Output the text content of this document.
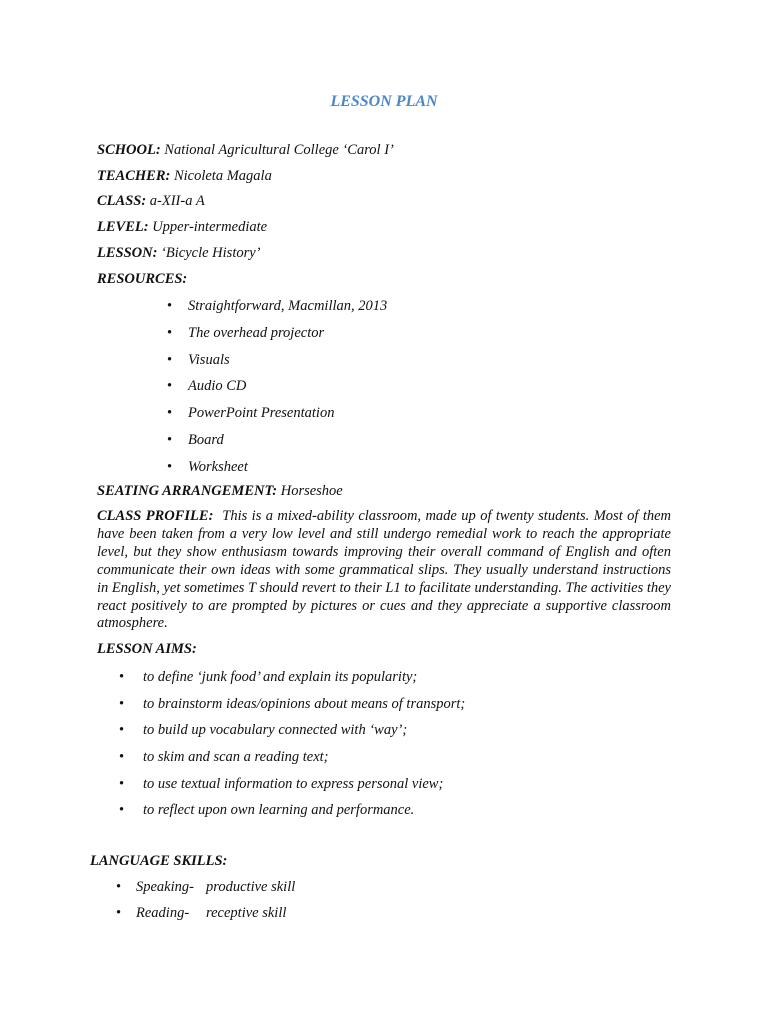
LESSON PLAN
SCHOOL: National Agricultural College ‘Carol I’
TEACHER: Nicoleta Magala
CLASS: a-XII-a A
LEVEL: Upper-intermediate
LESSON: ‘Bicycle History’
RESOURCES:
• Straightforward, Macmillan, 2013
• The overhead projector
• Visuals
• Audio CD
• PowerPoint Presentation
• Board
• Worksheet
SEATING ARRANGEMENT: Horseshoe

CLASS PROFILE: This is a mixed-ability classroom, made up of twenty students. Most of them have been taken from a very low level and still undergo remedial work to reach the appropriate level, but they show enthusiasm towards improving their overall command of English and often communicate their own ideas with some grammatical slips. They usually understand instructions in English, yet sometimes T should revert to their L1 to facilitate understanding. The activities they react positively to are prompted by pictures or cues and they appreciate a supportive classroom atmosphere.

LESSON AIMS:
• to define ‘junk food’ and explain its popularity;
• to brainstorm ideas/opinions about means of transport;
• to build up vocabulary connected with ‘way’;
• to skim and scan a reading text;
• to use textual information to express personal view;
• to reflect upon own learning and performance.
LANGUAGE SKILLS:
• Speaking- productive skill
• Reading- receptive skill
